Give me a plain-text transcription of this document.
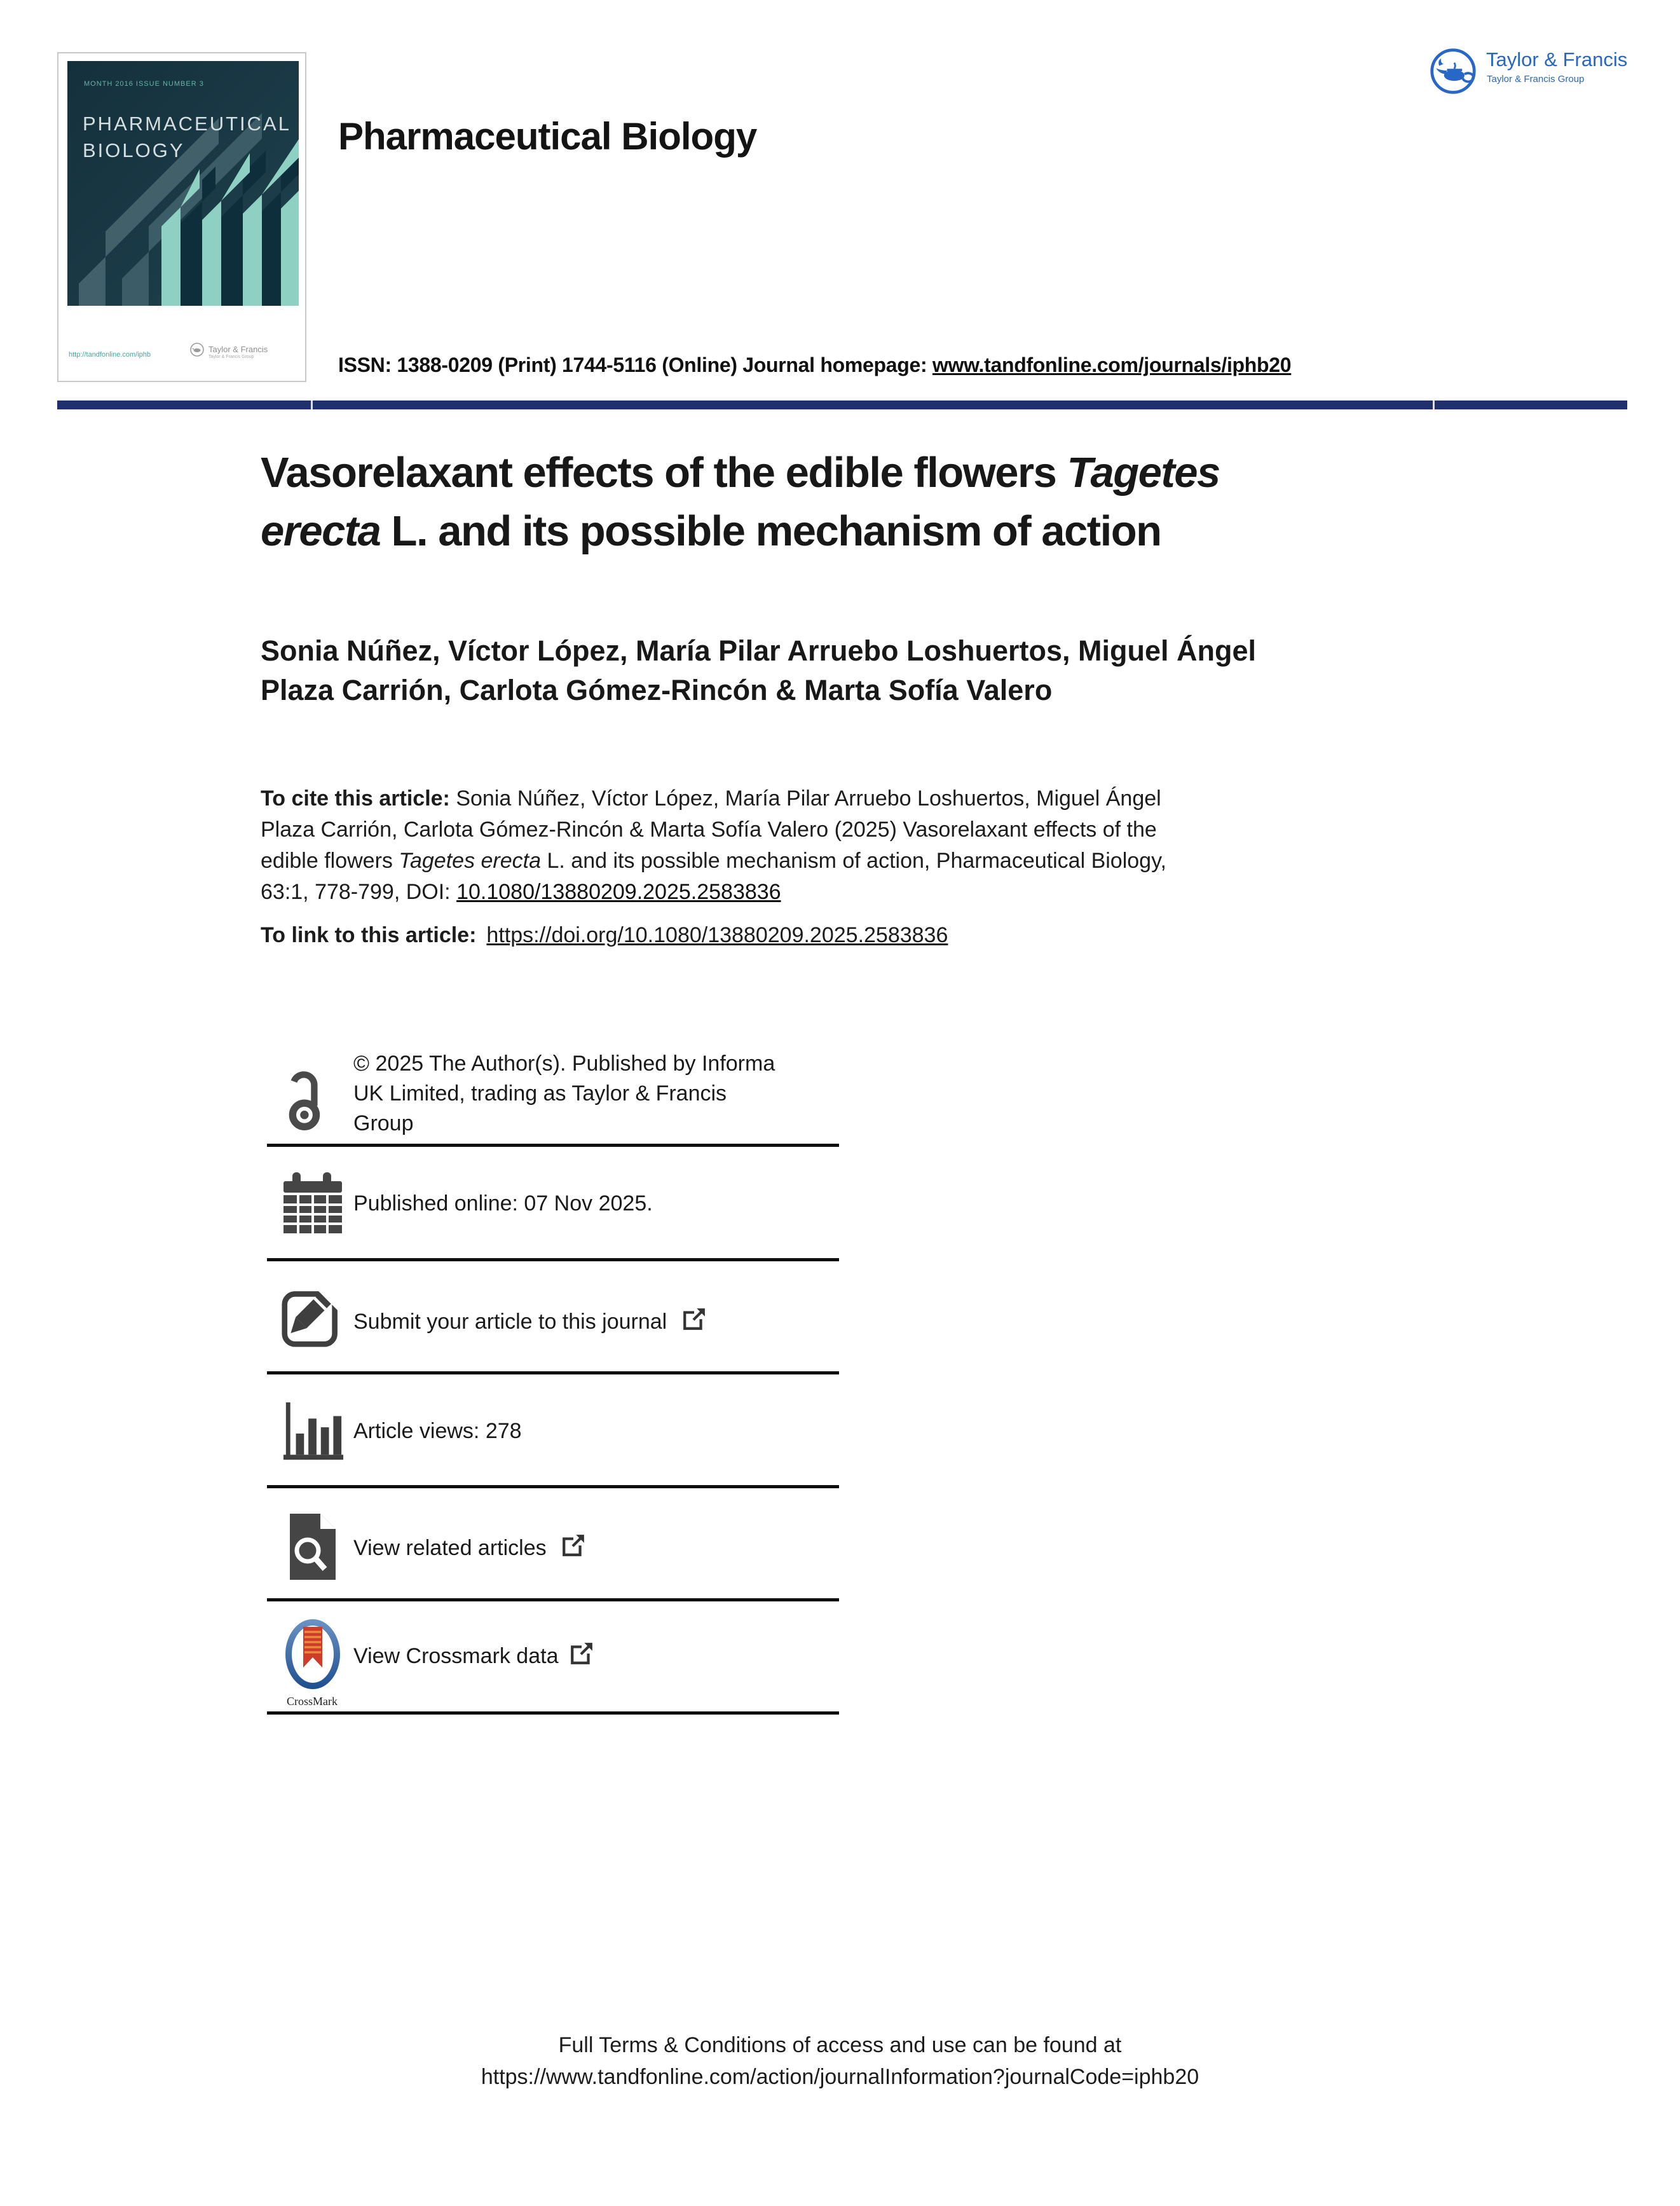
MONTH 2016 ISSUE NUMBER 3
PHARMACEUTICAL
BIOLOGY
http://tandfonline.com/iphb
Taylor & Francis
Taylor & Francis Group
Taylor & Francis
Taylor & Francis Group
Pharmaceutical Biology
ISSN: 1388-0209 (Print) 1744-5116 (Online) Journal homepage: www.tandfonline.com/journals/iphb20
Vasorelaxant effects of the edible flowers Tagetes
erecta L. and its possible mechanism of action
Sonia Núñez, Víctor López, María Pilar Arruebo Loshuertos, Miguel Ángel
Plaza Carrión, Carlota Gómez-Rincón & Marta Sofía Valero
To cite this article: Sonia Núñez, Víctor López, María Pilar Arruebo Loshuertos, Miguel Ángel
Plaza Carrión, Carlota Gómez-Rincón & Marta Sofía Valero (2025) Vasorelaxant effects of the
edible flowers Tagetes erecta L. and its possible mechanism of action, Pharmaceutical Biology,
63:1, 778-799, DOI: 10.1080/13880209.2025.2583836
To link to this article: https://doi.org/10.1080/13880209.2025.2583836
© 2025 The Author(s). Published by Informa
UK Limited, trading as Taylor & Francis
Group
Published online: 07 Nov 2025.
Submit your article to this journal
Article views: 278
View related articles
CrossMark
View Crossmark data
Full Terms & Conditions of access and use can be found at
https://www.tandfonline.com/action/journalInformation?journalCode=iphb20
